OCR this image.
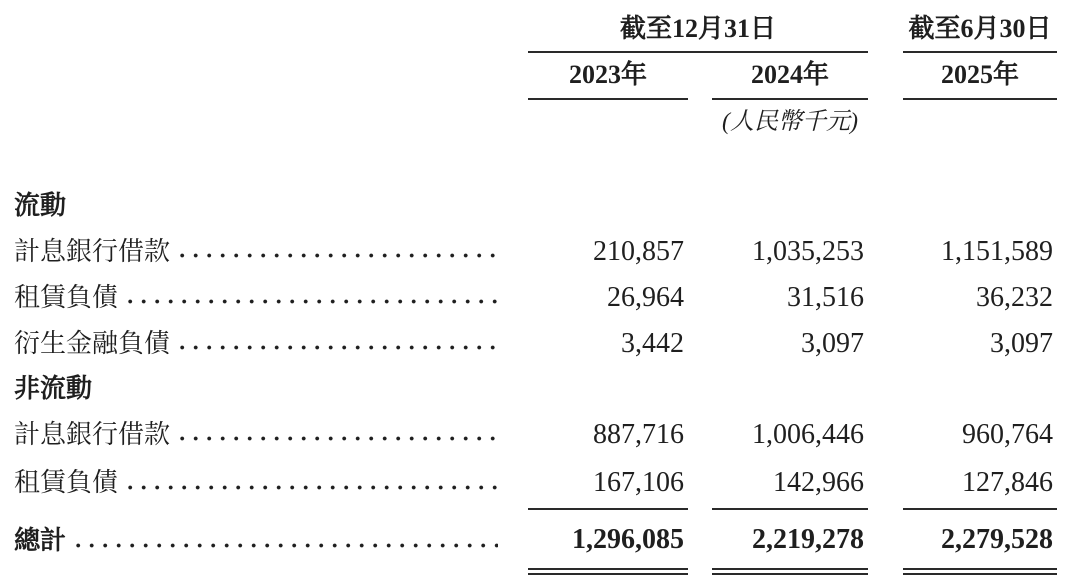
	截至12月31日				截至6月30日
	2023年		2024年		2025年
			(人民幣千元)		

流動					

計息銀行借款	210,857		1,035,253		1,151,589

租賃負債	26,964		31,516		36,232

衍生金融負債	3,442		3,097		3,097
非流動					

計息銀行借款	887,716		1,006,446		960,764

租賃負債	167,106		142,966		127,846

總計	1,296,085		2,219,278		2,279,528
